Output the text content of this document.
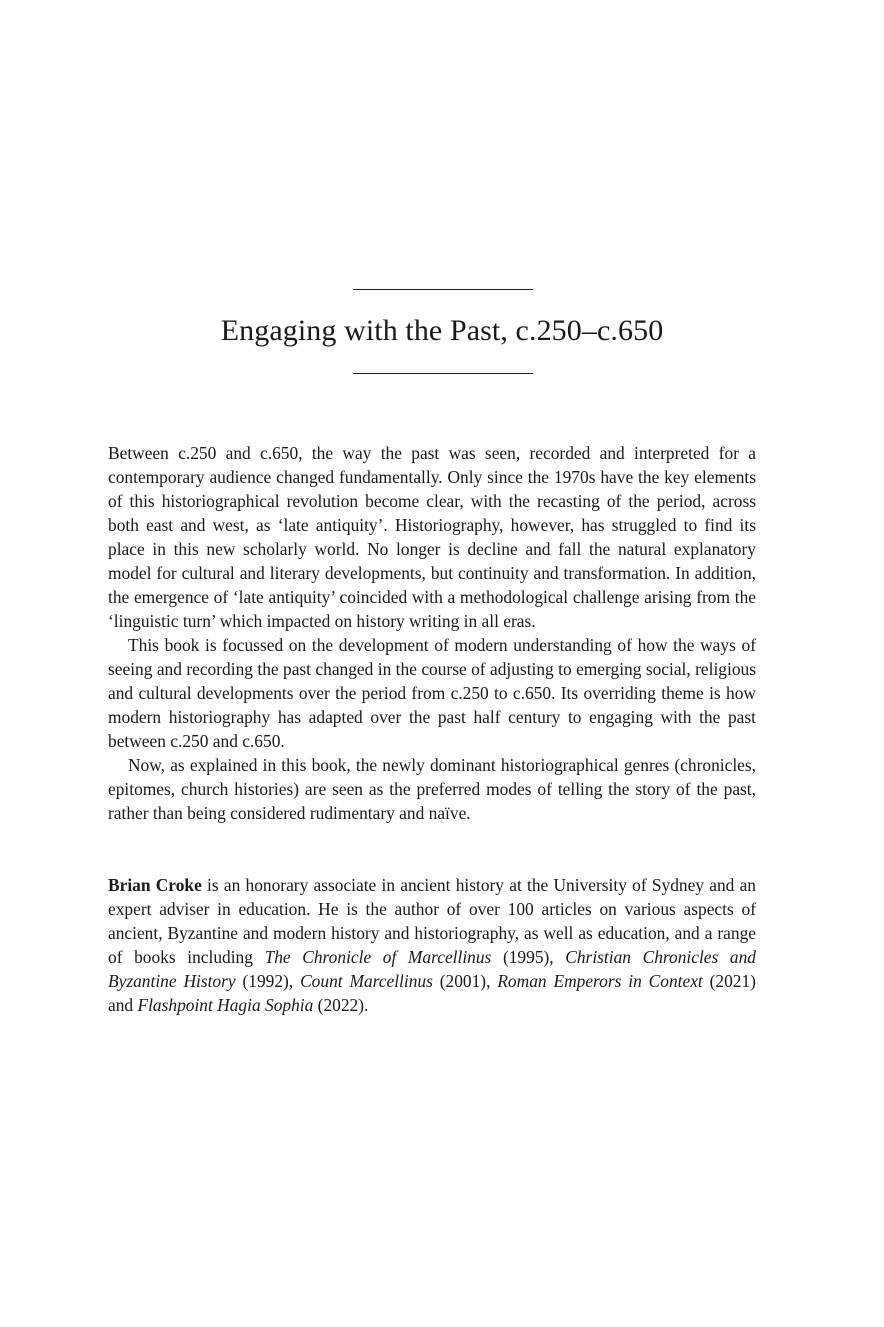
Engaging with the Past, c.250–c.650

Between c.250 and c.650, the way the past was seen, recorded and interpreted for a contemporary audience changed fundamentally. Only since the 1970s have the key elements of this historiographical revolution become clear, with the recasting of the period, across both east and west, as ‘late antiquity’. Historiography, however, has struggled to find its place in this new scholarly world. No longer is decline and fall the natural explanatory model for cultural and literary developments, but continuity and transformation. In addition, the emergence of ‘late antiquity’ coincided with a methodological challenge arising from the ‘linguistic turn’ which impacted on history writing in all eras.

This book is focussed on the development of modern understanding of how the ways of seeing and recording the past changed in the course of adjusting to emerging social, religious and cultural developments over the period from c.250 to c.650. Its overriding theme is how modern historiography has adapted over the past half century to engaging with the past between c.250 and c.650.

Now, as explained in this book, the newly dominant historiographical genres (chronicles, epitomes, church histories) are seen as the preferred modes of telling the story of the past, rather than being considered rudimentary and naïve.

Brian Croke is an honorary associate in ancient history at the University of Sydney and an expert adviser in education. He is the author of over 100 articles on various aspects of ancient, Byzantine and modern history and historiography, as well as education, and a range of books including The Chronicle of Marcellinus (1995), Christian Chronicles and Byzantine History (1992), Count Marcellinus (2001), Roman Emperors in Context (2021) and Flashpoint Hagia Sophia (2022).
